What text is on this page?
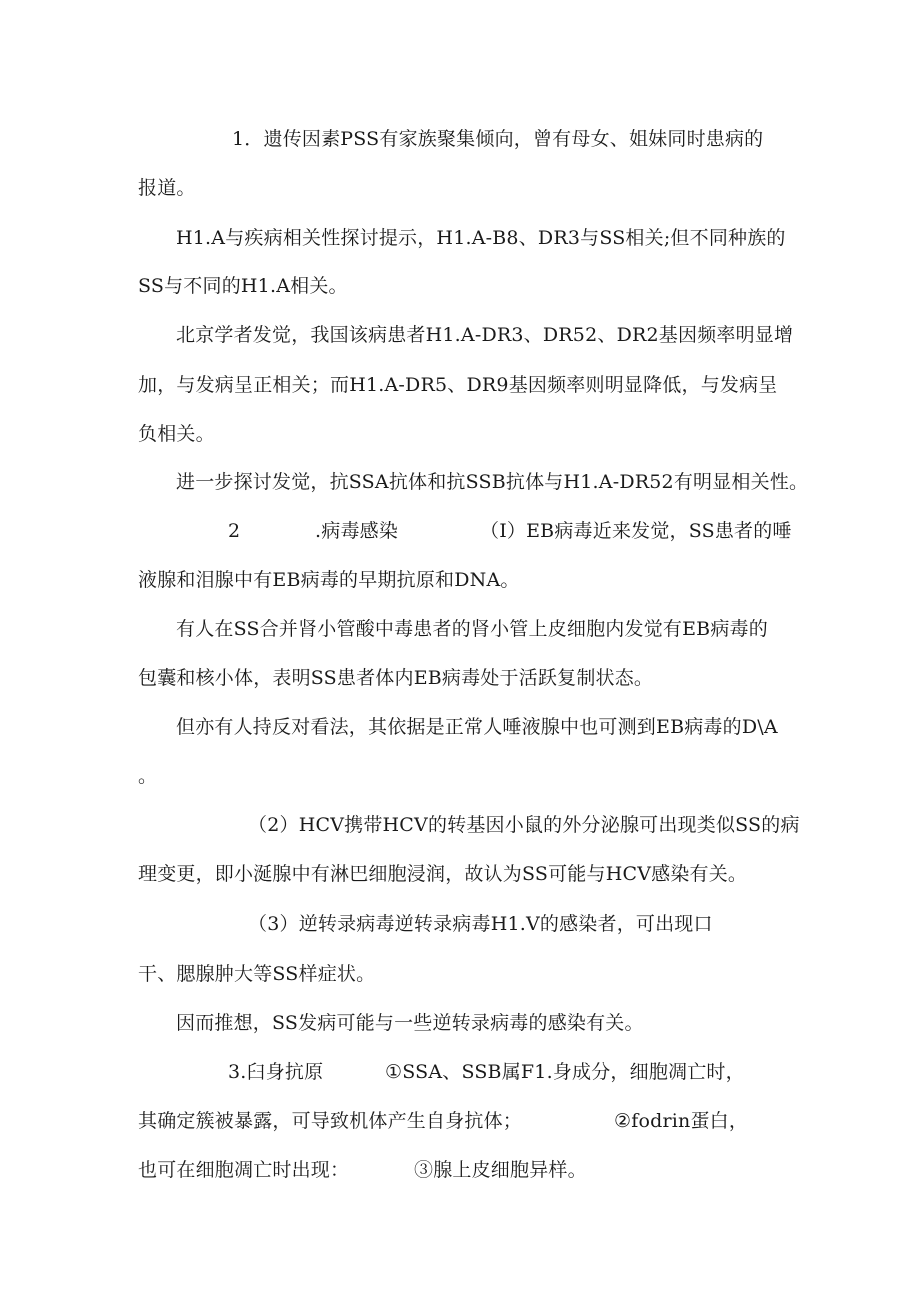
1．遗传因素PSS有家族聚集倾向，曾有母女、姐妹同时患病的

报道。

H1.A与疾病相关性探讨提示，H1.A-B8、DR3与SS相关;但不同种族的

SS与不同的H1.A相关。

北京学者发觉，我国该病患者H1.A-DR3、DR52、DR2基因频率明显增

加，与发病呈正相关；而H1.A-DR5、DR9基因频率则明显降低，与发病呈

负相关。

进一步探讨发觉，抗SSA抗体和抗SSB抗体与H1.A-DR52有明显相关性。

2	.病毒感染	（I）EB病毒近来发觉，SS患者的唾

液腺和泪腺中有EB病毒的早期抗原和DNA。

有人在SS合并肾小管酸中毒患者的肾小管上皮细胞内发觉有EB病毒的

包囊和核小体，表明SS患者体内EB病毒处于活跃复制状态。

但亦有人持反对看法，其依据是正常人唾液腺中也可测到EB病毒的D\A

。

（2）HCV携带HCV的转基因小鼠的外分泌腺可出现类似SS的病

理变更，即小涎腺中有淋巴细胞浸润，故认为SS可能与HCV感染有关。

（3）逆转录病毒逆转录病毒H1.V的感染者，可出现口

干、腮腺肿大等SS样症状。

因而推想，SS发病可能与一些逆转录病毒的感染有关。

3.臼身抗原	①SSA、SSB属F1.身成分，细胞凋亡时，

其确定簇被暴露，可导致机体产生自身抗体；	②fodrin蛋白，

也可在细胞凋亡时出现：	③腺上皮细胞异样。
